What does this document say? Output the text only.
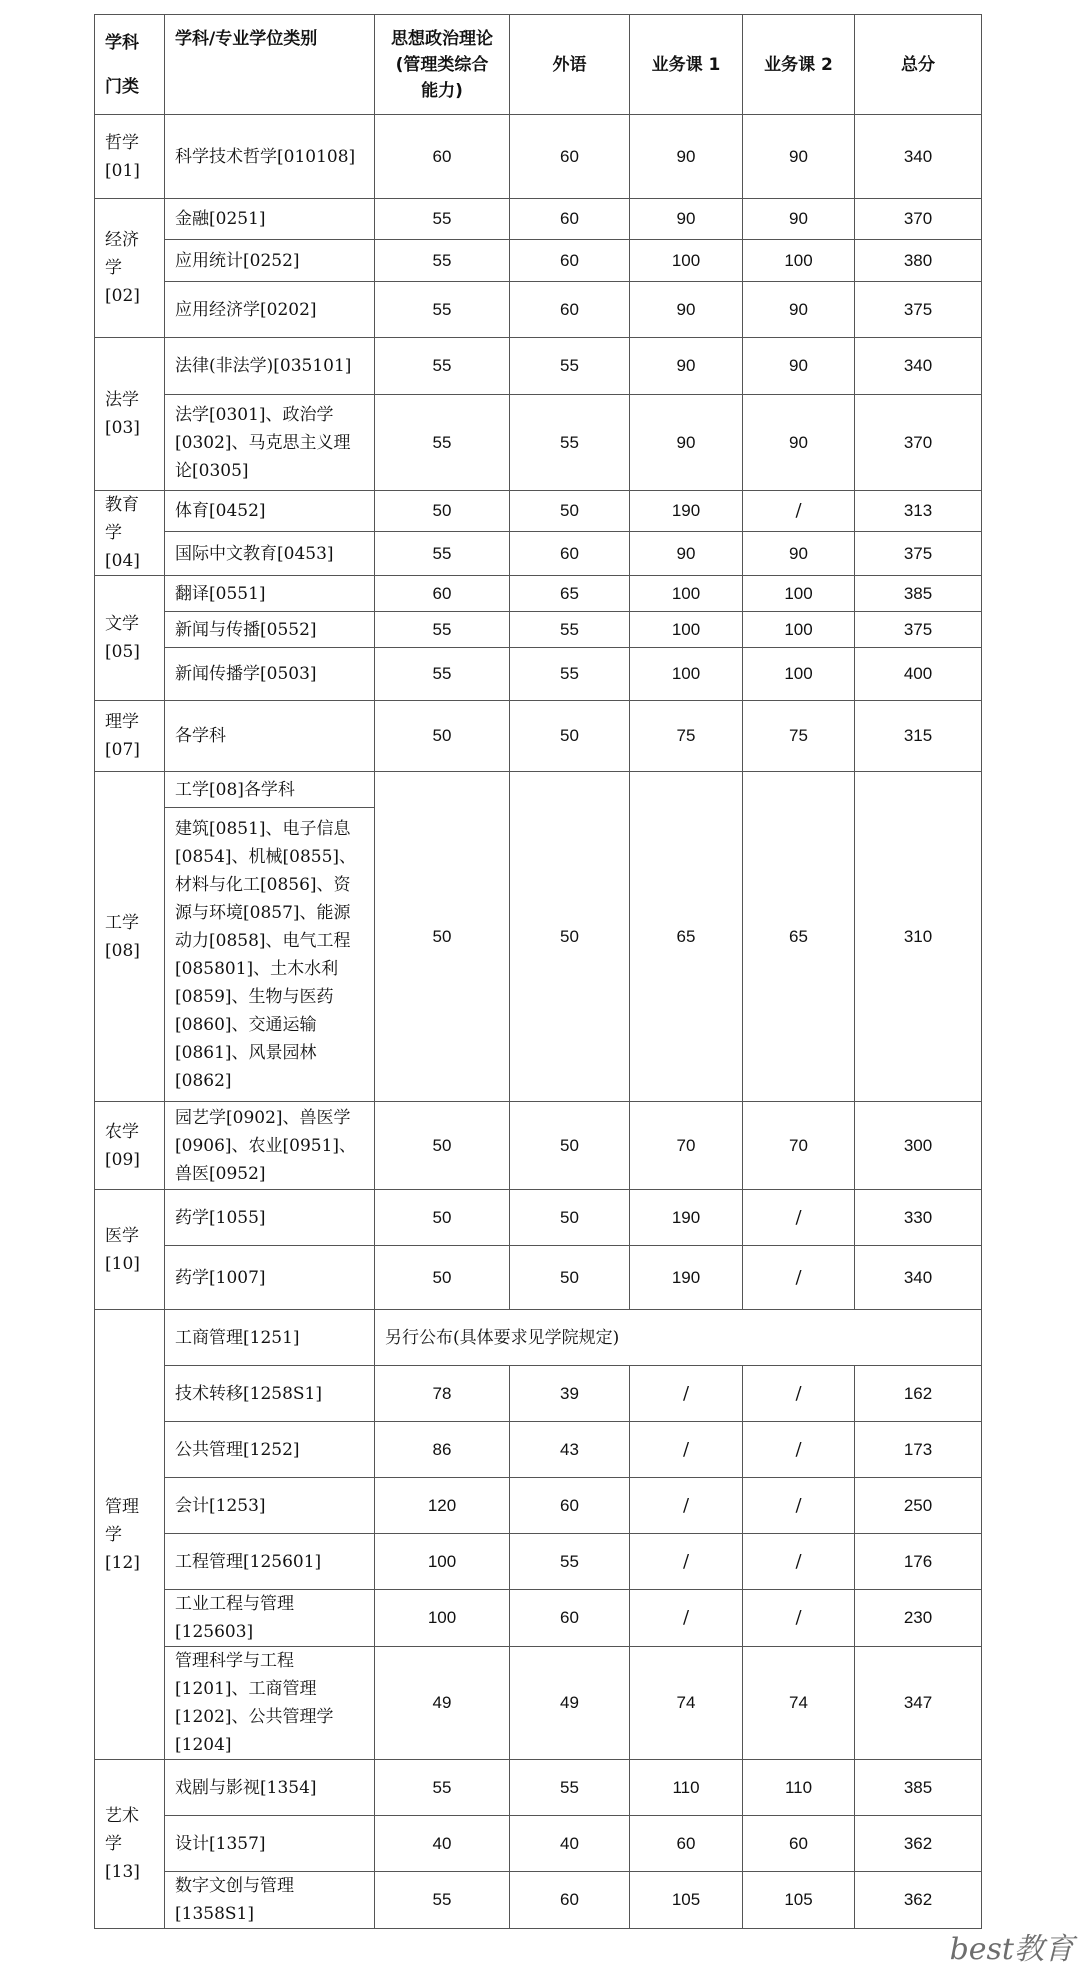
学科
门类	学科/专业学位类别	思想政治理论
(管理类综合
能力)	外语	业务课 1	业务课 2	总分

哲学
[01]	科学技术哲学[010108]	60	60	90	90	340

经济学
[02]	金融[0251]	55	60	90	90	370
	应用统计[0252]	55	60	100	100	380
	应用经济学[0202]	55	60	90	90	375

法学
[03]	法律(非法学)[035101]	55	55	90	90	340
	法学[0301]、政治学[0302]、马克思主义理论[0305]	55	55	90	90	370

教育学
[04]	体育[0452]	50	50	190	/	313
	国际中文教育[0453]	55	60	90	90	375

文学
[05]	翻译[0551]	60	65	100	100	385
	新闻与传播[0552]	55	55	100	100	375
	新闻传播学[0503]	55	55	100	100	400

理学
[07]	各学科	50	50	75	75	315

工学
[08]	工学[08]各学科	50	50	65	65	310
	建筑[0851]、电子信息[0854]、机械[0855]、材料与化工[0856]、资源与环境[0857]、能源动力[0858]、电气工程[085801]、土木水利[0859]、生物与医药[0860]、交通运输[0861]、风景园林[0862]					

农学
[09]	园艺学[0902]、兽医学[0906]、农业[0951]、兽医[0952]	50	50	70	70	300

医学
[10]	药学[1055]	50	50	190	/	330
	药学[1007]	50	50	190	/	340

管理学
[12]	工商管理[1251]	另行公布(具体要求见学院规定)				
	技术转移[1258S1]	78	39	/	/	162
	公共管理[1252]	86	43	/	/	173
	会计[1253]	120	60	/	/	250
	工程管理[125601]	100	55	/	/	176
	工业工程与管理[125603]	100	60	/	/	230
	管理科学与工程[1201]、工商管理[1202]、公共管理学[1204]	49	49	74	74	347

艺术学
[13]	戏剧与影视[1354]	55	55	110	110	385
	设计[1357]	40	40	60	60	362
	数字文创与管理[1358S1]	55	60	105	105	362
best教育
